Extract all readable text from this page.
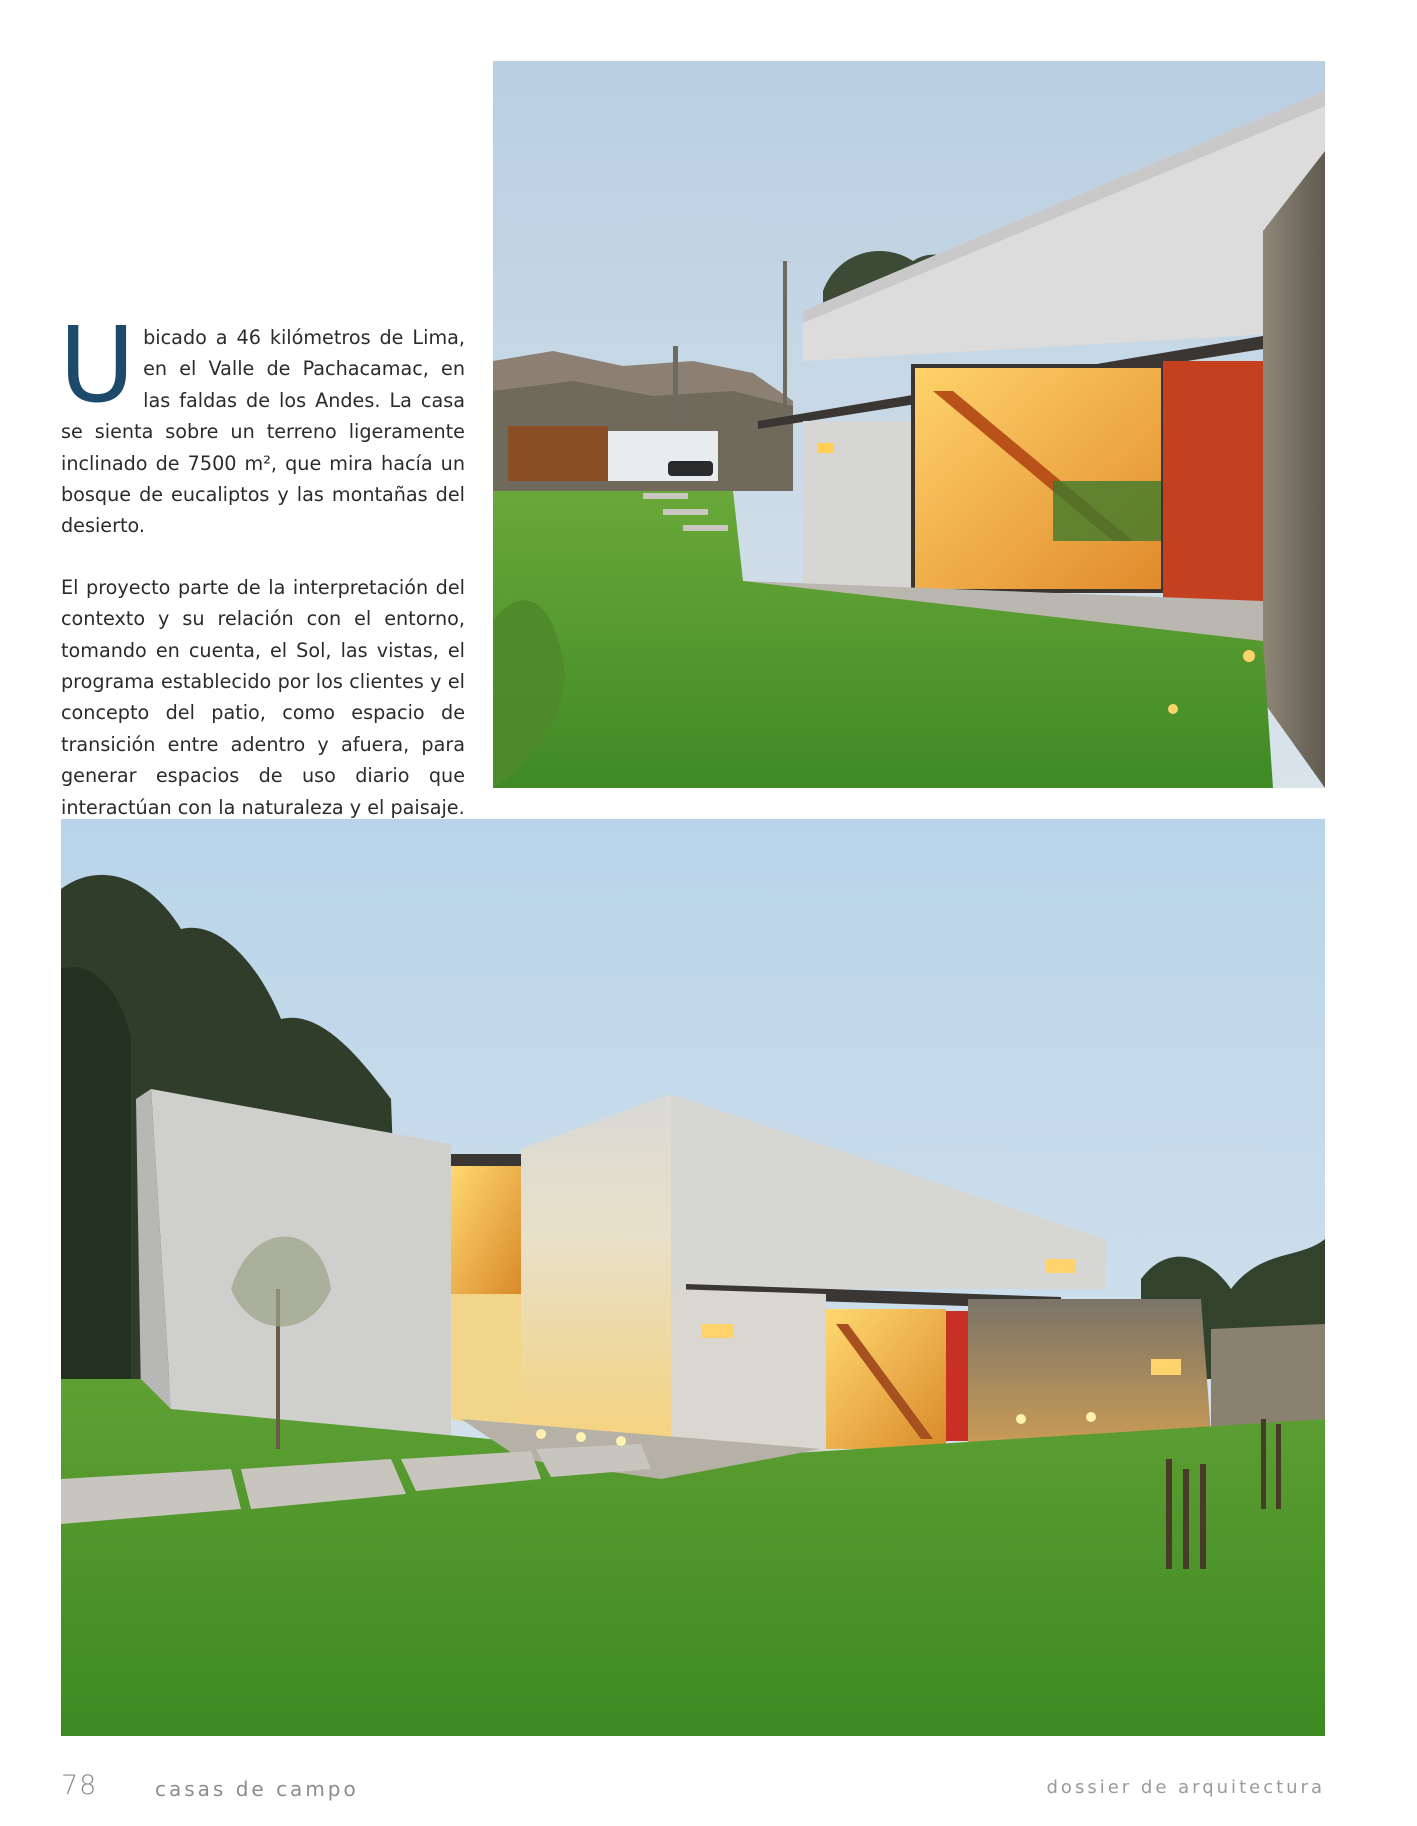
Ubicado a 46 kilómetros de Lima, en el Valle de Pachacamac, en las faldas de los Andes. La casa se sienta sobre un terreno ligeramente inclinado de 7500 m², que mira hacía un bosque de eucaliptos y las montañas del desierto.

El proyecto parte de la interpretación del contexto y su relación con el entorno, tomando en cuenta, el Sol, las vistas, el programa establecido por los clientes y el concepto del patio, como espacio de transición entre adentro y afuera, para generar espacios de uso diario que interactúan con la naturaleza y el paisaje.

78	casas de campo	dossier de arquitectura
